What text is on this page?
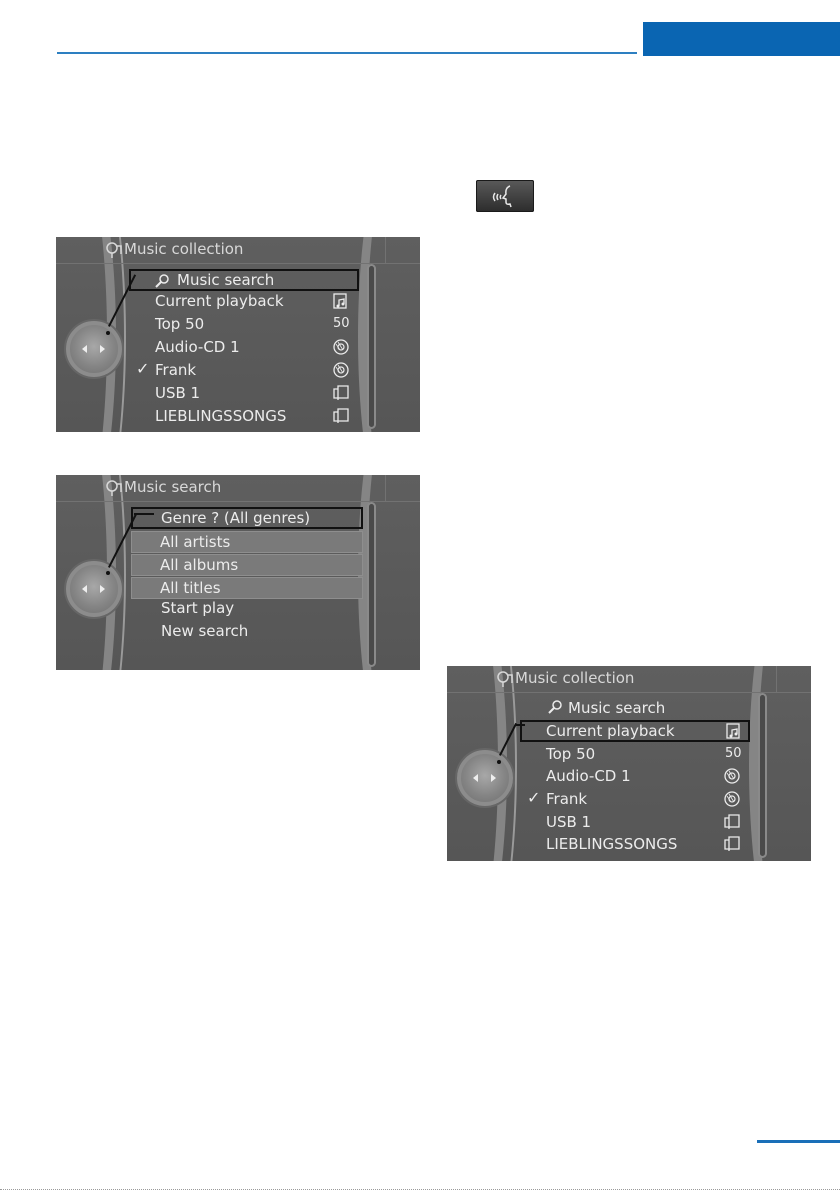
Music collection
Music search
Current playback
Top 50	50
Audio-CD 1
✓ Frank
USB 1
LIEBLINGSSONGS
Music search
Genre ? (All genres)
All artists
All albums
All titles
Start play
New search
Music collection
Music search
Current playback
Top 50	50
Audio-CD 1
✓ Frank
USB 1
LIEBLINGSSONGS
